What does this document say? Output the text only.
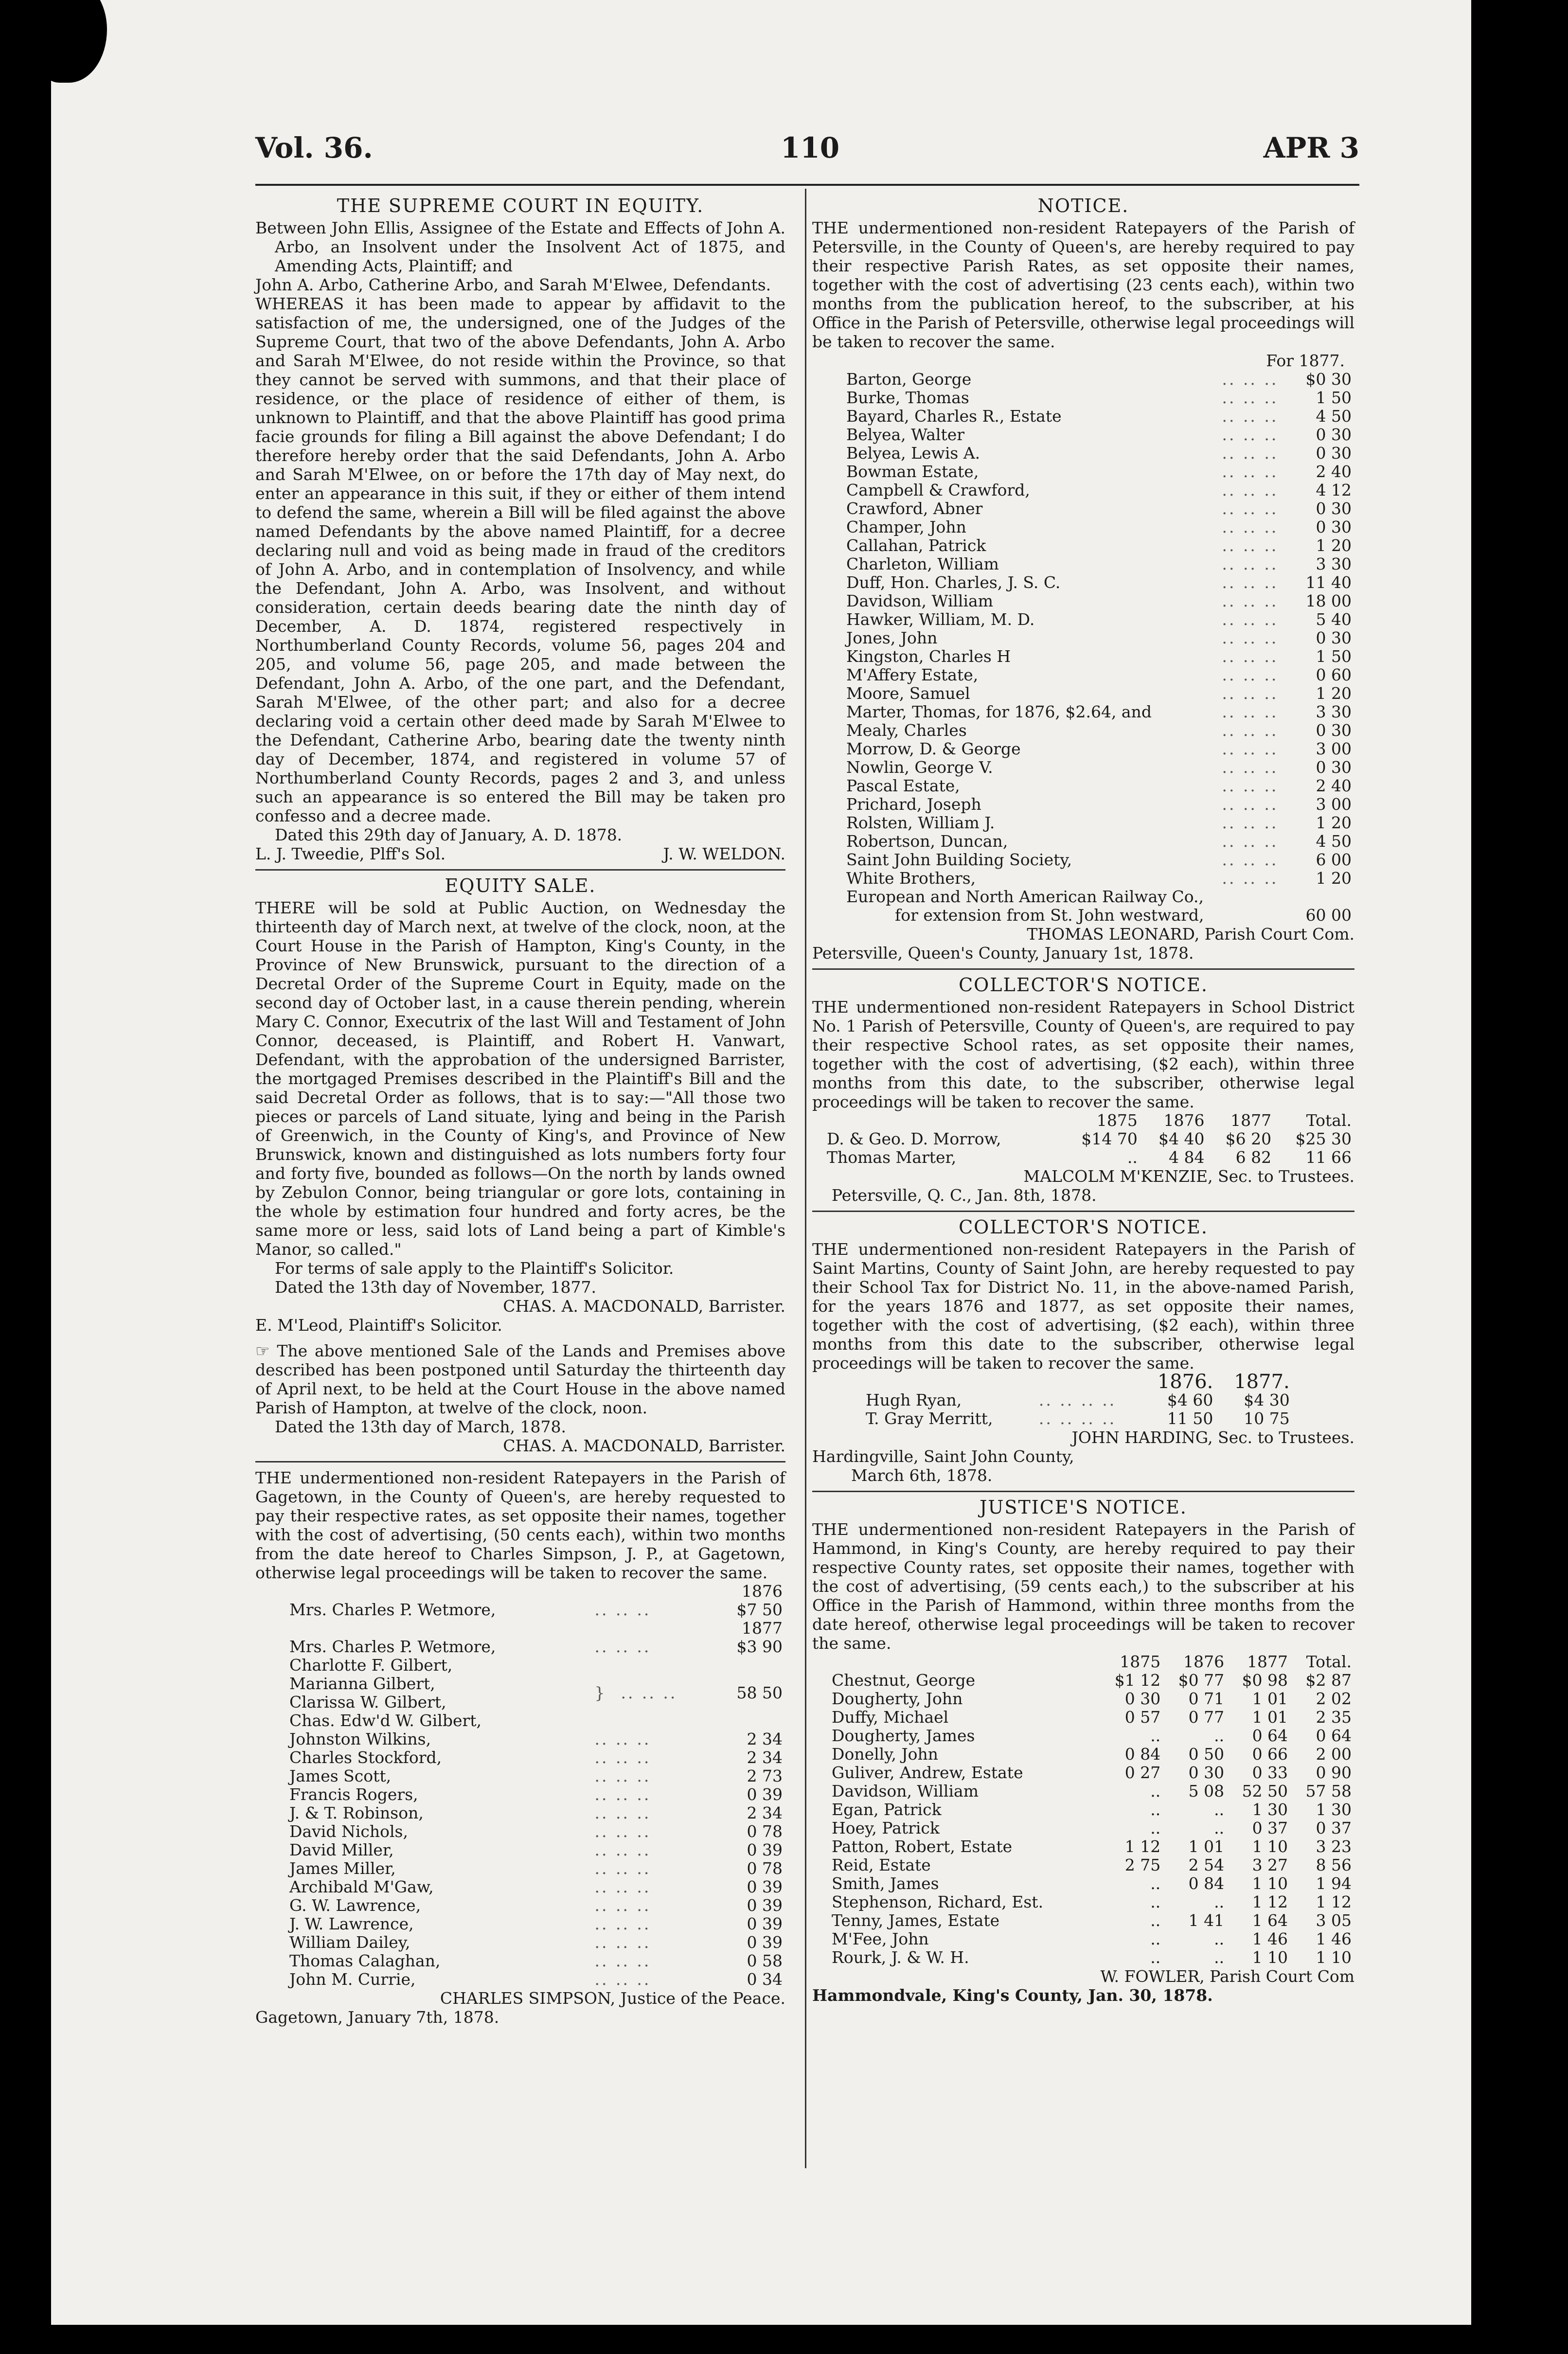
Vol. 36.	110	APR 3
THE SUPREME COURT IN EQUITY.

Between John Ellis, Assignee of the Estate and Effects of John A. Arbo, an Insolvent under the Insolvent Act of 1875, and Amending Acts, Plaintiff; and

John A. Arbo, Catherine Arbo, and Sarah M'Elwee, Defendants.

WHEREAS it has been made to appear by affidavit to the satisfaction of me, the undersigned, one of the Judges of the Supreme Court, that two of the above Defendants, John A. Arbo and Sarah M'Elwee, do not reside within the Province, so that they cannot be served with summons, and that their place of residence, or the place of residence of either of them, is unknown to Plaintiff, and that the above Plaintiff has good prima facie grounds for filing a Bill against the above Defendant; I do therefore hereby order that the said Defendants, John A. Arbo and Sarah M'Elwee, on or before the 17th day of May next, do enter an appearance in this suit, if they or either of them intend to defend the same, wherein a Bill will be filed against the above named Defendants by the above named Plaintiff, for a decree declaring null and void as being made in fraud of the creditors of John A. Arbo, and in contemplation of Insolvency, and while the Defendant, John A. Arbo, was Insolvent, and without consideration, certain deeds bearing date the ninth day of December, A. D. 1874, registered respectively in Northumberland County Records, volume 56, pages 204 and 205, and volume 56, page 205, and made between the Defendant, John A. Arbo, of the one part, and the Defendant, Sarah M'Elwee, of the other part; and also for a decree declaring void a certain other deed made by Sarah M'Elwee to the Defendant, Catherine Arbo, bearing date the twenty ninth day of December, 1874, and registered in volume 57 of Northumberland County Records, pages 2 and 3, and unless such an appearance is so entered the Bill may be taken pro confesso and a decree made.

Dated this 29th day of January, A. D. 1878.

L. J. Tweedie, Plff's Sol.	J. W. WELDON.
EQUITY SALE.

THERE will be sold at Public Auction, on Wednesday the thirteenth day of March next, at twelve of the clock, noon, at the Court House in the Parish of Hampton, King's County, in the Province of New Brunswick, pursuant to the direction of a Decretal Order of the Supreme Court in Equity, made on the second day of October last, in a cause therein pending, wherein Mary C. Connor, Executrix of the last Will and Testament of John Connor, deceased, is Plaintiff, and Robert H. Vanwart, Defendant, with the approbation of the undersigned Barrister, the mortgaged Premises described in the Plaintiff's Bill and the said Decretal Order as follows, that is to say:—"All those two pieces or parcels of Land situate, lying and being in the Parish of Greenwich, in the County of King's, and Province of New Brunswick, known and distinguished as lots numbers forty four and forty five, bounded as follows—On the north by lands owned by Zebulon Connor, being triangular or gore lots, containing in the whole by estimation four hundred and forty acres, be the same more or less, said lots of Land being a part of Kimble's Manor, so called."

For terms of sale apply to the Plaintiff's Solicitor.

Dated the 13th day of November, 1877.

CHAS. A. MACDONALD, Barrister.

E. M'Leod, Plaintiff's Solicitor.

☞ The above mentioned Sale of the Lands and Premises above described has been postponed until Saturday the thirteenth day of April next, to be held at the Court House in the above named Parish of Hampton, at twelve of the clock, noon.

Dated the 13th day of March, 1878.

CHAS. A. MACDONALD, Barrister.

THE undermentioned non-resident Ratepayers in the Parish of Gagetown, in the County of Queen's, are hereby requested to pay their respective rates, as set opposite their names, together with the cost of advertising, (50 cents each), within two months from the date hereof to Charles Simpson, J. P., at Gagetown, otherwise legal proceedings will be taken to recover the same.

		1876
Mrs. Charles P. Wetmore,	.. .. ..	$7 50
		1877
Mrs. Charles P. Wetmore,	.. .. ..	$3 90
Charlotte F. Gilbert,	}  .. .. ..	58 50
Marianna Gilbert,		
Clarissa W. Gilbert,		
Chas. Edw'd W. Gilbert,		
Johnston Wilkins,	.. .. ..	2 34
Charles Stockford,	.. .. ..	2 34
James Scott,	.. .. ..	2 73
Francis Rogers,	.. .. ..	0 39
J. & T. Robinson,	.. .. ..	2 34
David Nichols,	.. .. ..	0 78
David Miller,	.. .. ..	0 39
James Miller,	.. .. ..	0 78
Archibald M'Gaw,	.. .. ..	0 39
G. W. Lawrence,	.. .. ..	0 39
J. W. Lawrence,	.. .. ..	0 39
William Dailey,	.. .. ..	0 39
Thomas Calaghan,	.. .. ..	0 58
John M. Currie,	.. .. ..	0 34

CHARLES SIMPSON, Justice of the Peace.

Gagetown, January 7th, 1878.

NOTICE.

THE undermentioned non-resident Ratepayers of the Parish of Petersville, in the County of Queen's, are hereby required to pay their respective Parish Rates, as set opposite their names, together with the cost of advertising (23 cents each), within two months from the publication hereof, to the subscriber, at his Office in the Parish of Petersville, otherwise legal proceedings will be taken to recover the same.

For 1877.

Barton, George	.. .. ..	$0 30
Burke, Thomas	.. .. ..	1 50
Bayard, Charles R., Estate	.. .. ..	4 50
Belyea, Walter	.. .. ..	0 30
Belyea, Lewis A.	.. .. ..	0 30
Bowman Estate,	.. .. ..	2 40
Campbell & Crawford,	.. .. ..	4 12
Crawford, Abner	.. .. ..	0 30
Champer, John	.. .. ..	0 30
Callahan, Patrick	.. .. ..	1 20
Charleton, William	.. .. ..	3 30
Duff, Hon. Charles, J. S. C.	.. .. ..	11 40
Davidson, William	.. .. ..	18 00
Hawker, William, M. D.	.. .. ..	5 40
Jones, John	.. .. ..	0 30
Kingston, Charles H	.. .. ..	1 50
M'Affery Estate,	.. .. ..	0 60
Moore, Samuel	.. .. ..	1 20
Marter, Thomas, for 1876, $2.64, and	.. .. ..	3 30
Mealy, Charles	.. .. ..	0 30
Morrow, D. & George	.. .. ..	3 00
Nowlin, George V.	.. .. ..	0 30
Pascal Estate,	.. .. ..	2 40
Prichard, Joseph	.. .. ..	3 00
Rolsten, William J.	.. .. ..	1 20
Robertson, Duncan,	.. .. ..	4 50
Saint John Building Society,	.. .. ..	6 00
White Brothers,	.. .. ..	1 20
European and North American Railway Co.,		
for extension from St. John westward,		60 00

THOMAS LEONARD, Parish Court Com.

Petersville, Queen's County, January 1st, 1878.

COLLECTOR'S NOTICE.

THE undermentioned non-resident Ratepayers in School District No. 1 Parish of Petersville, County of Queen's, are required to pay their respective School rates, as set opposite their names, together with the cost of advertising, ($2 each), within three months from this date, to the subscriber, otherwise legal proceedings will be taken to recover the same.

	1875	1876	1877	Total.
D. & Geo. D. Morrow,	$14 70	$4 40	$6 20	$25 30
Thomas Marter,	..	4 84	6 82	11 66

MALCOLM M'KENZIE, Sec. to Trustees.

Petersville, Q. C., Jan. 8th, 1878.

COLLECTOR'S NOTICE.

THE undermentioned non-resident Ratepayers in the Parish of Saint Martins, County of Saint John, are hereby requested to pay their School Tax for District No. 11, in the above-named Parish, for the years 1876 and 1877, as set opposite their names, together with the cost of advertising, ($2 each), within three months from this date to the subscriber, otherwise legal proceedings will be taken to recover the same.

		1876.	1877.
Hugh Ryan,	.. .. .. ..	$4 60	$4 30
T. Gray Merritt,	.. .. .. ..	11 50	10 75

JOHN HARDING, Sec. to Trustees.

Hardingville, Saint John County,

March 6th, 1878.

JUSTICE'S NOTICE.

THE undermentioned non-resident Ratepayers in the Parish of Hammond, in King's County, are hereby required to pay their respective County rates, set opposite their names, together with the cost of advertising, (59 cents each,) to the subscriber at his Office in the Parish of Hammond, within three months from the date hereof, otherwise legal proceedings will be taken to recover the same.

	1875	1876	1877	Total.
Chestnut, George	$1 12	$0 77	$0 98	$2 87
Dougherty, John	0 30	0 71	1 01	2 02
Duffy, Michael	0 57	0 77	1 01	2 35
Dougherty, James	..	..	0 64	0 64
Donelly, John	0 84	0 50	0 66	2 00
Guliver, Andrew, Estate	0 27	0 30	0 33	0 90
Davidson, William	..	5 08	52 50	57 58
Egan, Patrick	..	..	1 30	1 30
Hoey, Patrick	..	..	0 37	0 37
Patton, Robert, Estate	1 12	1 01	1 10	3 23
Reid, Estate	2 75	2 54	3 27	8 56
Smith, James	..	0 84	1 10	1 94
Stephenson, Richard, Est.	..	..	1 12	1 12
Tenny, James, Estate	..	1 41	1 64	3 05
M'Fee, John	..	..	1 46	1 46
Rourk, J. & W. H.	..	..	1 10	1 10

W. FOWLER, Parish Court Com

Hammondvale, King's County, Jan. 30, 1878.
